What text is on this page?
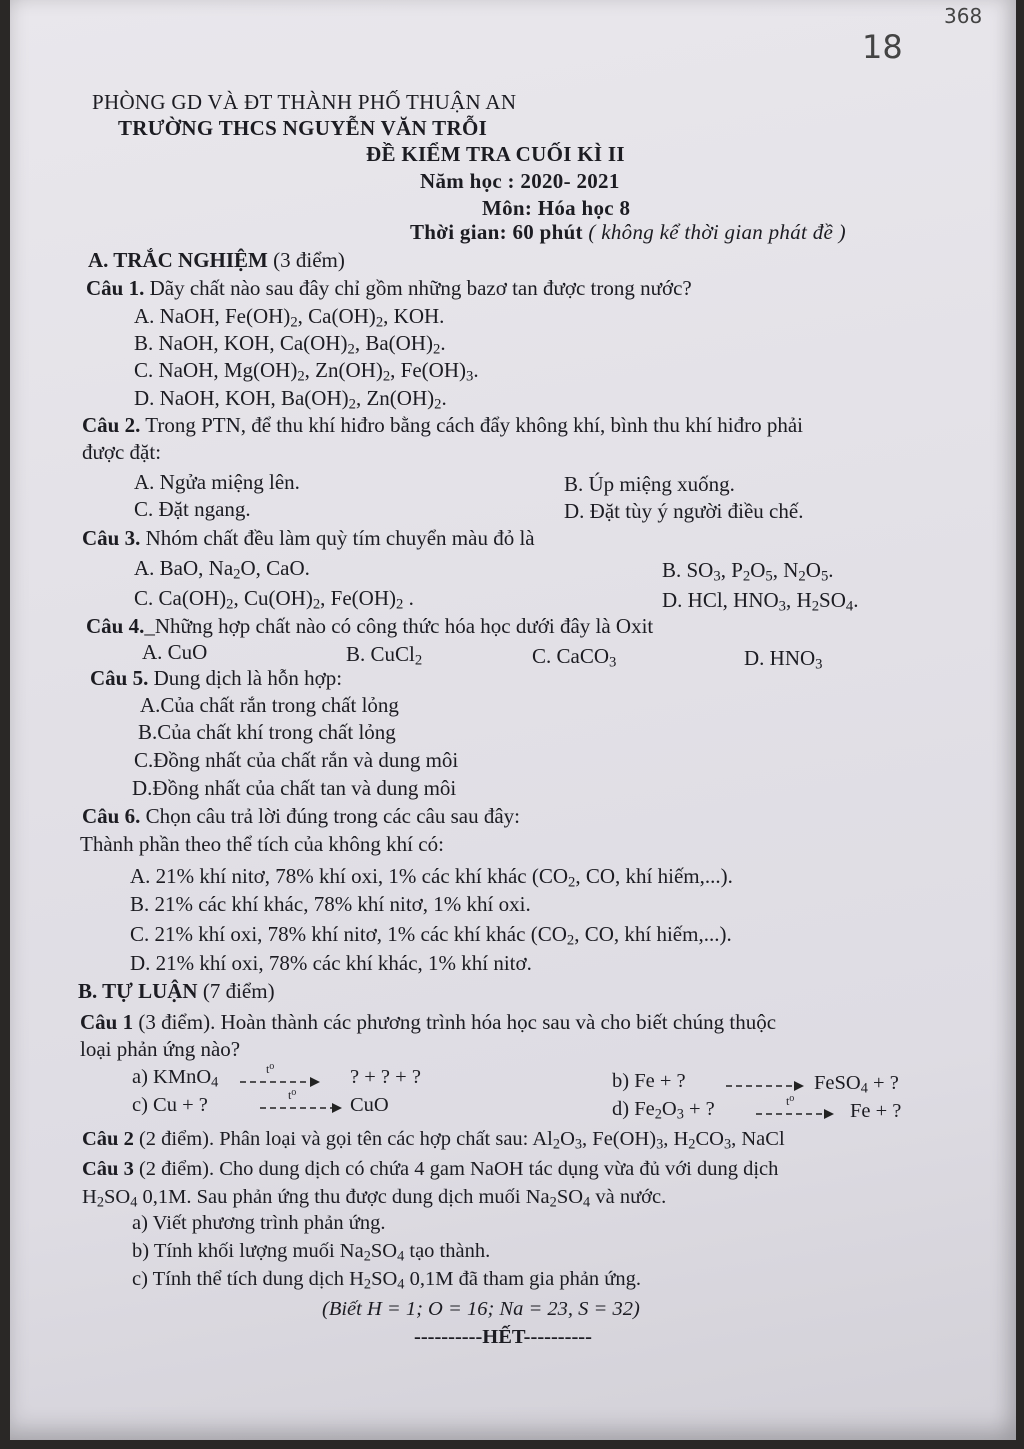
368
18
PHÒNG GD VÀ ĐT THÀNH PHỐ THUẬN AN
TRƯỜNG THCS NGUYỄN VĂN TRỖI
ĐỀ KIỂM TRA CUỐI KÌ II
Năm học : 2020- 2021
Môn: Hóa học 8
Thời gian: 60 phút ( không kể thời gian phát đề )
A. TRẮC NGHIỆM (3 điểm)
Câu 1. Dãy chất nào sau đây chỉ gồm những bazơ tan được trong nước?
A. NaOH, $Fe(OH)_2$, $Ca(OH)_2$, KOH.
B. NaOH, KOH, $Ca(OH)_2$, $Ba(OH)_2$.
C. NaOH, $Mg(OH)_2$, $Zn(OH)_2$, $Fe(OH)_3$.
D. NaOH, KOH, $Ba(OH)_2$, $Zn(OH)_2$.
Câu 2. Trong PTN, để thu khí hiđro bằng cách đẩy không khí, bình thu khí hiđro phải
được đặt:
A. Ngửa miệng lên.	B. Úp miệng xuống.
C. Đặt ngang.	D. Đặt tùy ý người điều chế.
Câu 3. Nhóm chất đều làm quỳ tím chuyển màu đỏ là
A. BaO, $Na_2O$, CaO.	B. $SO_3$, $P_2O_5$, $N_2O_5$.
C. $Ca(OH)_2$, $Cu(OH)_2$, $Fe(OH)_2$ .	D. HCl, $HNO_3$, $H_2SO_4$.
Câu 4._Những hợp chất nào có công thức hóa học dưới đây là Oxit
A. CuO	B. CuCl$_2$	C. CaCO$_3$	D. $HNO_3$
Câu 5. Dung dịch là hỗn hợp:
A.Của chất rắn trong chất lỏng
B.Của chất khí trong chất lỏng
C.Đồng nhất của chất rắn và dung môi
D.Đồng nhất của chất tan và dung môi
Câu 6. Chọn câu trả lời đúng trong các câu sau đây:
Thành phần theo thể tích của không khí có:
A. 21% khí nitơ, 78% khí oxi, 1% các khí khác ($CO_2$, CO, khí hiếm,...).
B. 21% các khí khác, 78% khí nitơ, 1% khí oxi.
C. 21% khí oxi, 78% khí nitơ, 1% các khí khác ($CO_2$, CO, khí hiếm,...).
D. 21% khí oxi, 78% các khí khác, 1% khí nitơ.
B. TỰ LUẬN (7 điểm)
Câu 1 (3 điểm). Hoàn thành các phương trình hóa học sau và cho biết chúng thuộc
loại phản ứng nào?
a) KMnO$_4$
t⁰	? + ? + ?	b) Fe + ?	FeSO$_4$ + ?
c) Cu + ?	t⁰	CuO	d) $Fe_2O_3$ + ?	t⁰	Fe + ?
Câu 2 (2 điểm). Phân loại và gọi tên các hợp chất sau: $Al_2O_3$, $Fe(OH)_3$, $H_2CO_3$, NaCl
Câu 3 (2 điểm). Cho dung dịch có chứa 4 gam NaOH tác dụng vừa đủ với dung dịch
$H_2SO_4$ 0,1M. Sau phản ứng thu được dung dịch muối $Na_2SO_4$ và nước.
a) Viết phương trình phản ứng.
b) Tính khối lượng muối $Na_2SO_4$ tạo thành.
c) Tính thể tích dung dịch $H_2SO_4$ 0,1M đã tham gia phản ứng.
(Biết H = 1; O = 16; Na = 23, S = 32)
----------HẾT----------
